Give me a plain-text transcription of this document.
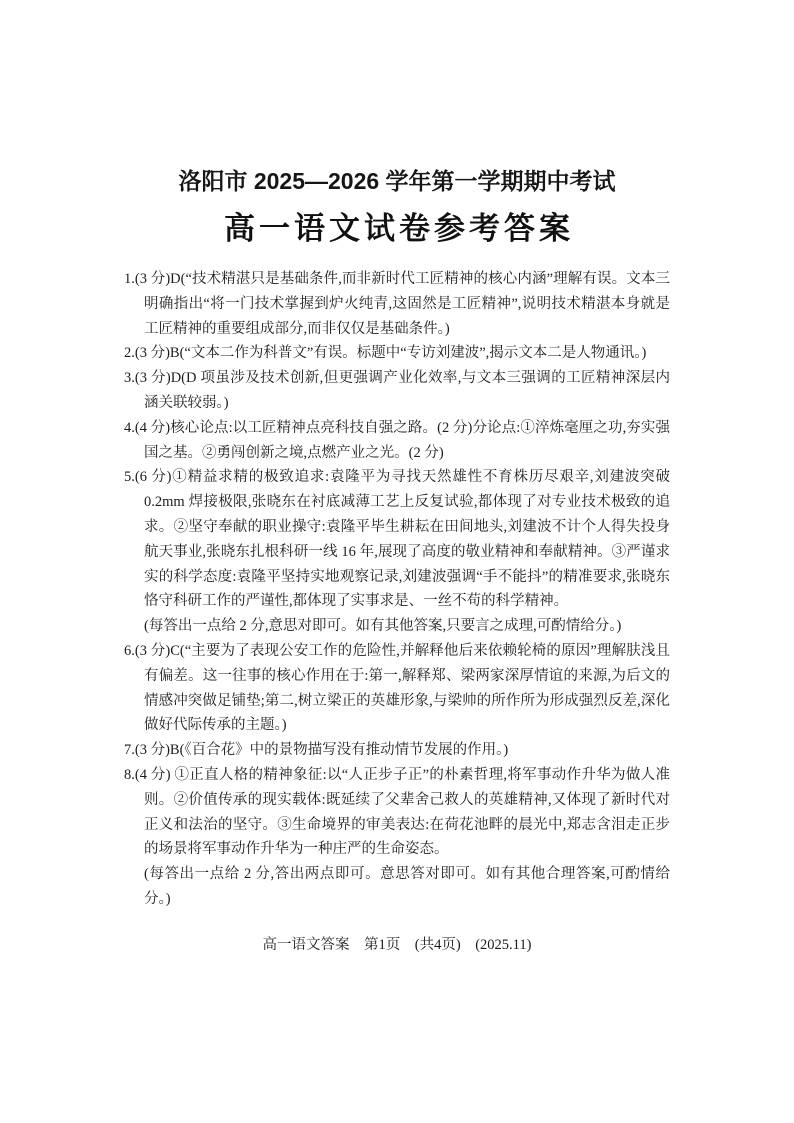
洛阳市 2025—2026 学年第一学期期中考试
高一语文试卷参考答案
1.(3 分)D(“技术精湛只是基础条件,而非新时代工匠精神的核心内涵”理解有误。文本三明确指出“将一门技术掌握到炉火纯青,这固然是工匠精神”,说明技术精湛本身就是工匠精神的重要组成部分,而非仅仅是基础条件。)
2.(3 分)B(“文本二作为科普文”有误。标题中“专访刘建波”,揭示文本二是人物通讯。)
3.(3 分)D(D 项虽涉及技术创新,但更强调产业化效率,与文本三强调的工匠精神深层内涵关联较弱。)
4.(4 分)核心论点:以工匠精神点亮科技自强之路。(2 分)分论点:①淬炼毫厘之功,夯实强国之基。②勇闯创新之境,点燃产业之光。(2 分)
5.(6 分)①精益求精的极致追求:袁隆平为寻找天然雄性不育株历尽艰辛,刘建波突破 0.2mm 焊接极限,张晓东在衬底减薄工艺上反复试验,都体现了对专业技术极致的追求。②坚守奉献的职业操守:袁隆平毕生耕耘在田间地头,刘建波不计个人得失投身航天事业,张晓东扎根科研一线 16 年,展现了高度的敬业精神和奉献精神。③严谨求实的科学态度:袁隆平坚持实地观察记录,刘建波强调“手不能抖”的精准要求,张晓东恪守科研工作的严谨性,都体现了实事求是、一丝不苟的科学精神。
(每答出一点给 2 分,意思对即可。如有其他答案,只要言之成理,可酌情给分。)
6.(3 分)C(“主要为了表现公安工作的危险性,并解释他后来依赖轮椅的原因”理解肤浅且有偏差。这一往事的核心作用在于:第一,解释郑、梁两家深厚情谊的来源,为后文的情感冲突做足铺垫;第二,树立梁正的英雄形象,与梁帅的所作所为形成强烈反差,深化做好代际传承的主题。)
7.(3 分)B(《百合花》中的景物描写没有推动情节发展的作用。)
8.(4 分) ①正直人格的精神象征:以“人正步子正”的朴素哲理,将军事动作升华为做人准则。②价值传承的现实载体:既延续了父辈舍己救人的英雄精神,又体现了新时代对正义和法治的坚守。③生命境界的审美表达:在荷花池畔的晨光中,郑志含泪走正步的场景将军事动作升华为一种庄严的生命姿态。
(每答出一点给 2 分,答出两点即可。意思答对即可。如有其他合理答案,可酌情给分。)
高一语文答案　第1页　(共4页)　(2025.11)
